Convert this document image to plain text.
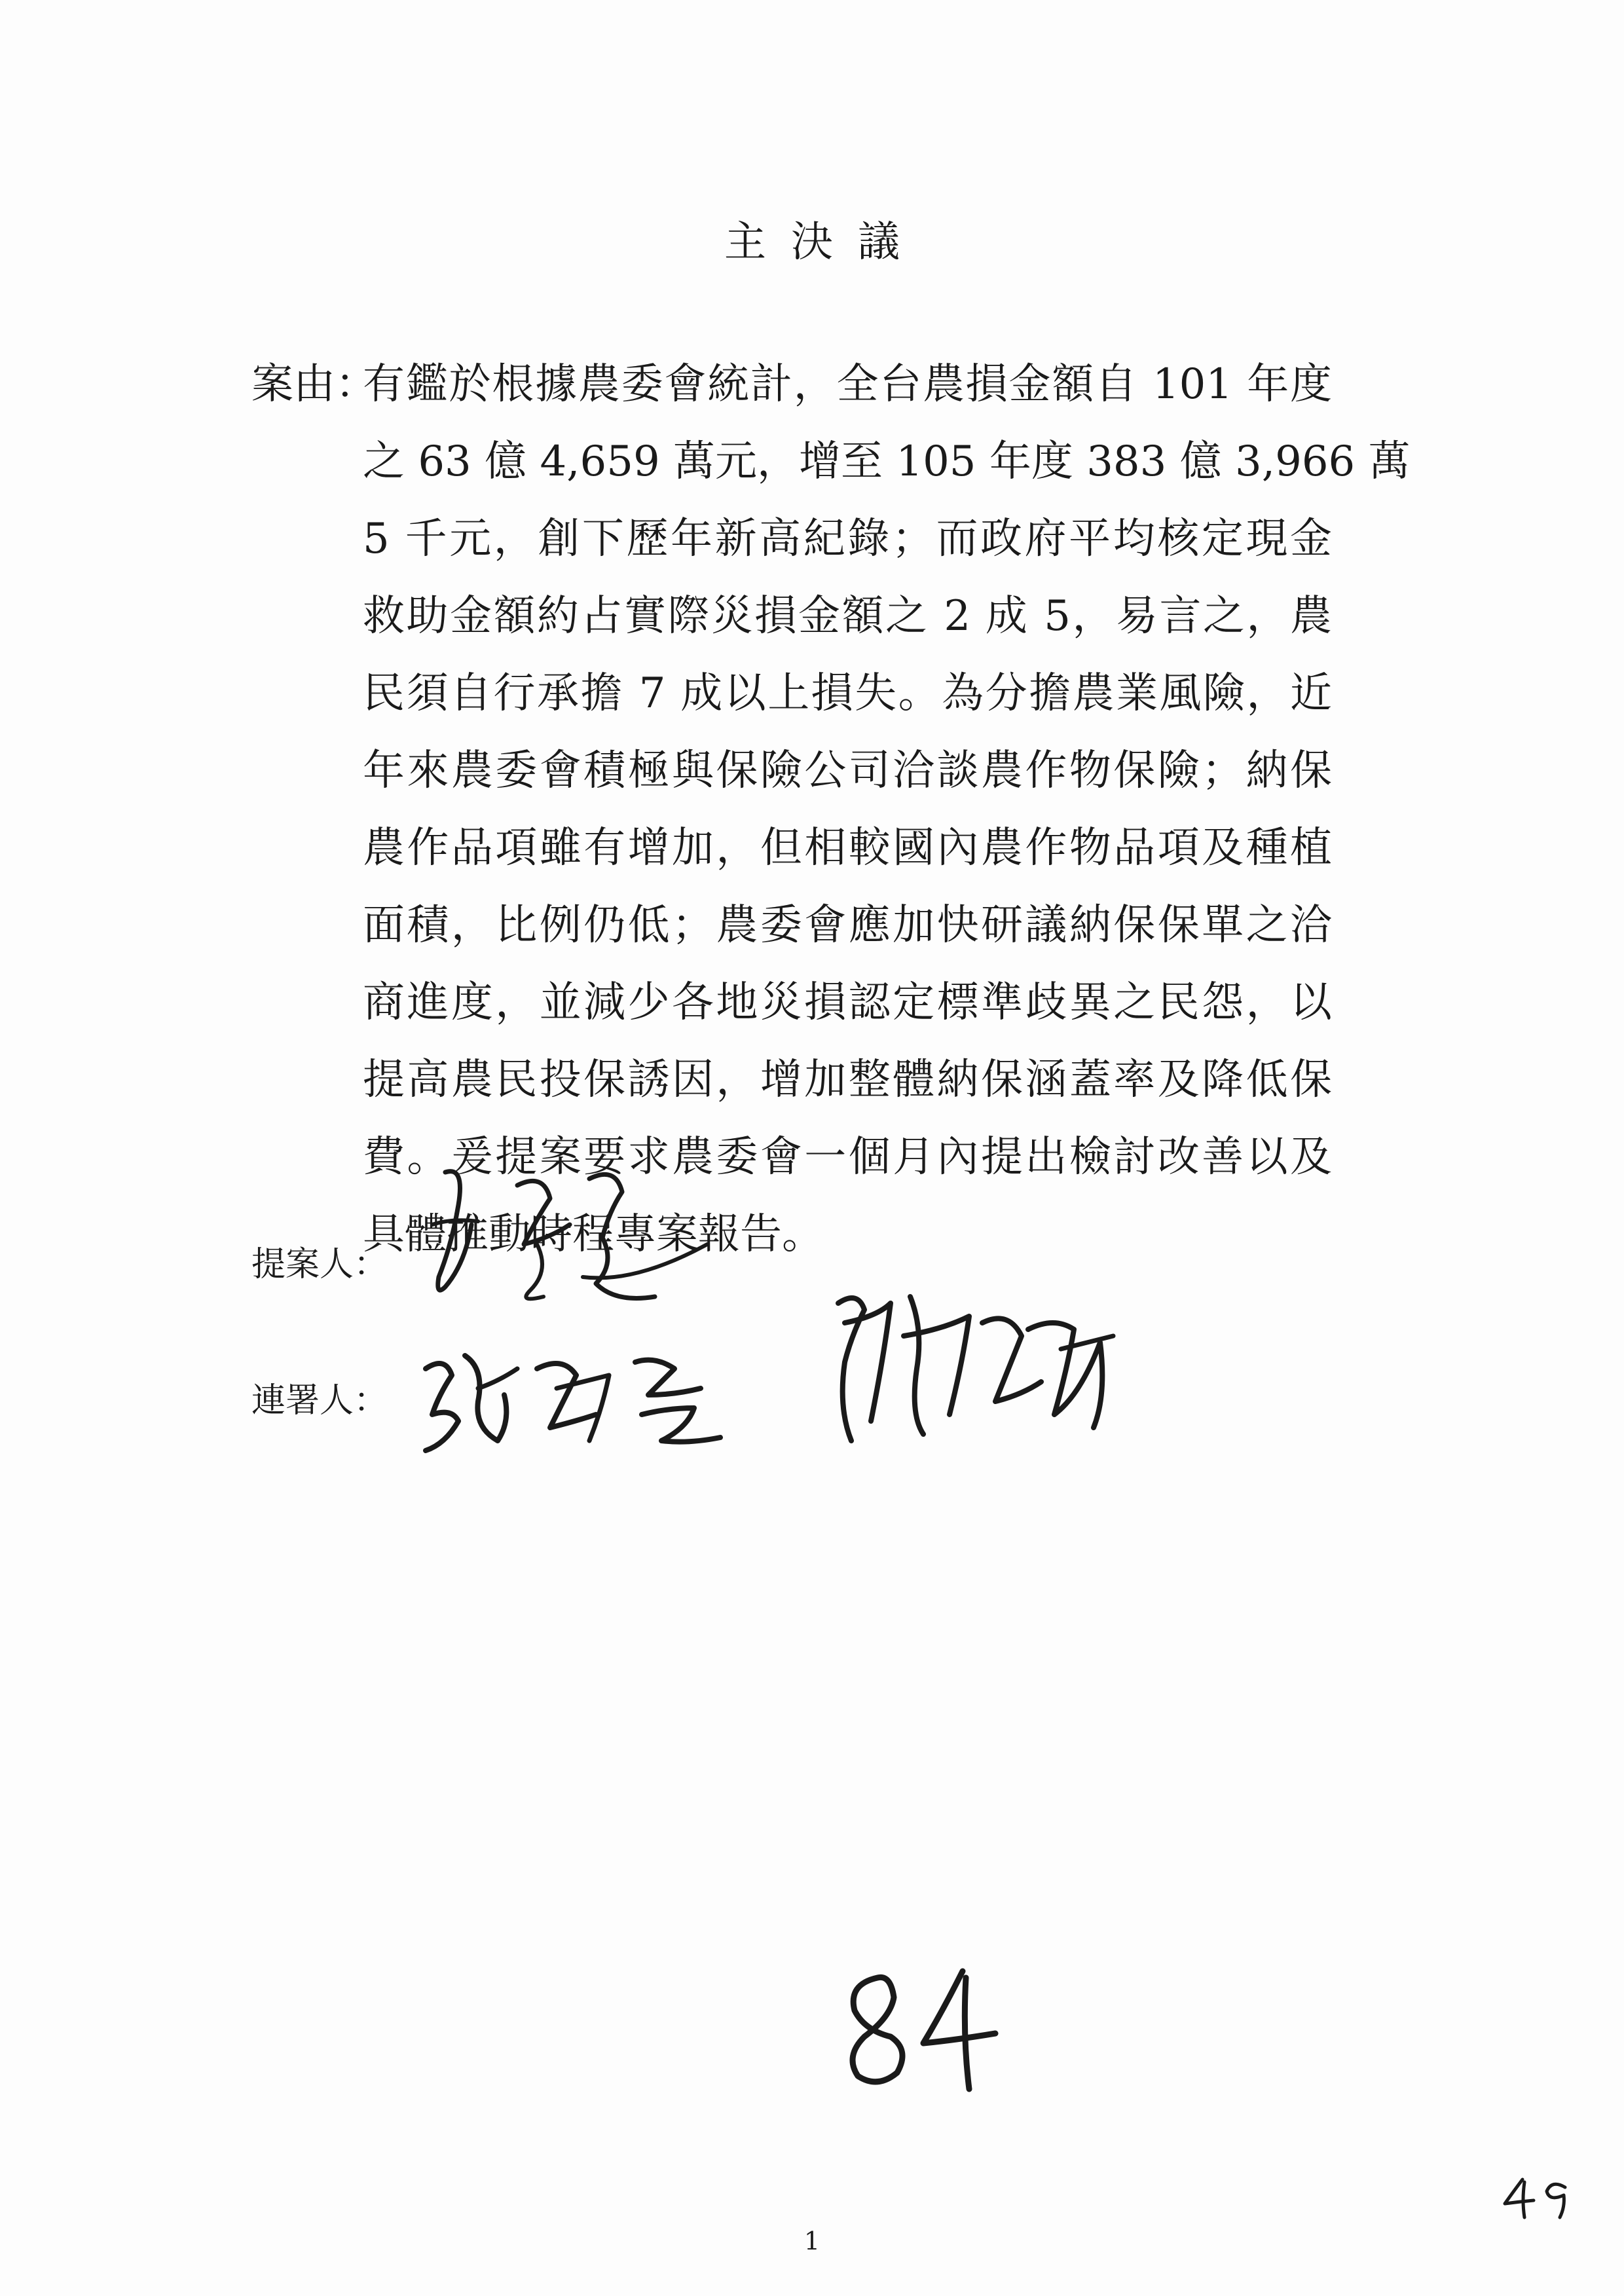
主決議
案由：
有鑑於根據農委會統計，全台農損金額自 101 年度
之 63 億 4,659 萬元，增至 105 年度 383 億 3,966 萬
5 千元，創下歷年新高紀錄；而政府平均核定現金
救助金額約占實際災損金額之 2 成 5，易言之，農
民須自行承擔 7 成以上損失。為分擔農業風險，近
年來農委會積極與保險公司洽談農作物保險；納保
農作品項雖有增加，但相較國內農作物品項及種植
面積，比例仍低；農委會應加快研議納保保單之洽
商進度，並減少各地災損認定標準歧異之民怨，以
提高農民投保誘因，增加整體納保涵蓋率及降低保
費。爰提案要求農委會一個月內提出檢討改善以及
具體推動時程專案報告。
提案人：
連署人：
1
